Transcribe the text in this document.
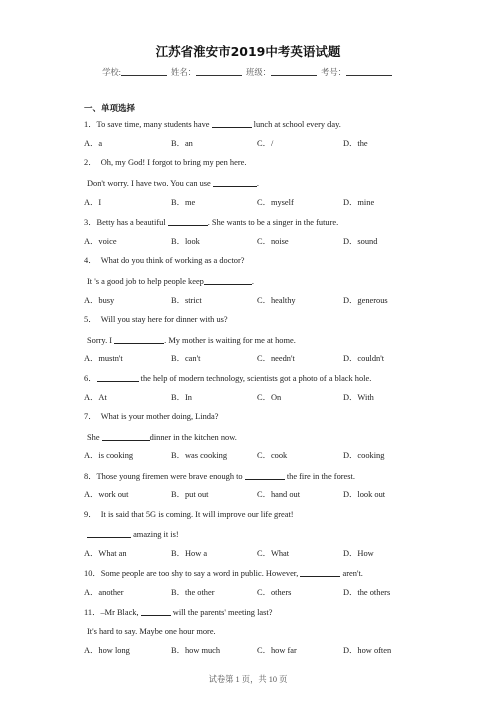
江苏省淮安市2019中考英语试题
学校:	姓名：	班级：	考号：
一、单项选择
1．To save time, many students have	lunch at school every day.
A．a	B．an	C．/	D．the
2．　Oh, my God! I forgot to bring my pen here.
Don't worry. I have two. You can use	.
A．I	B．me	C．myself	D．mine
3．Betty has a beautiful	. She wants to be a singer in the future.
A．voice	B．look	C．noise	D．sound
4．　What do you think of working as a doctor?
It 's a good job to help people keep	.
A．busy	B．strict	C．healthy	D．generous
5．　Will you stay here for dinner with us?
Sorry. I	. My mother is waiting for me at home.
A．mustn't	B．can't	C．needn't	D．couldn't
6．	the help of modern technology, scientists got a photo of a black hole.
A．At	B．In	C．On	D．With
7．　What is your mother doing, Linda?
She	dinner in the kitchen now.
A．is cooking	B．was cooking	C．cook	D．cooking
8．Those young firemen were brave enough to	the fire in the forest.
A．work out	B．put out	C．hand out	D．look out
9．　It is said that 5G is coming. It will improve our life great!
amazing it is!
A．What an	B．How a	C．What	D．How
10．Some people are too shy to say a word in public. However,	aren't.
A．another	B．the other	C．others	D．the others
11．–Mr Black,	will the parents' meeting last?
It's hard to say. Maybe one hour more.
A．how long	B．how much	C．how far	D．how often
试卷第 1 页，共 10 页
